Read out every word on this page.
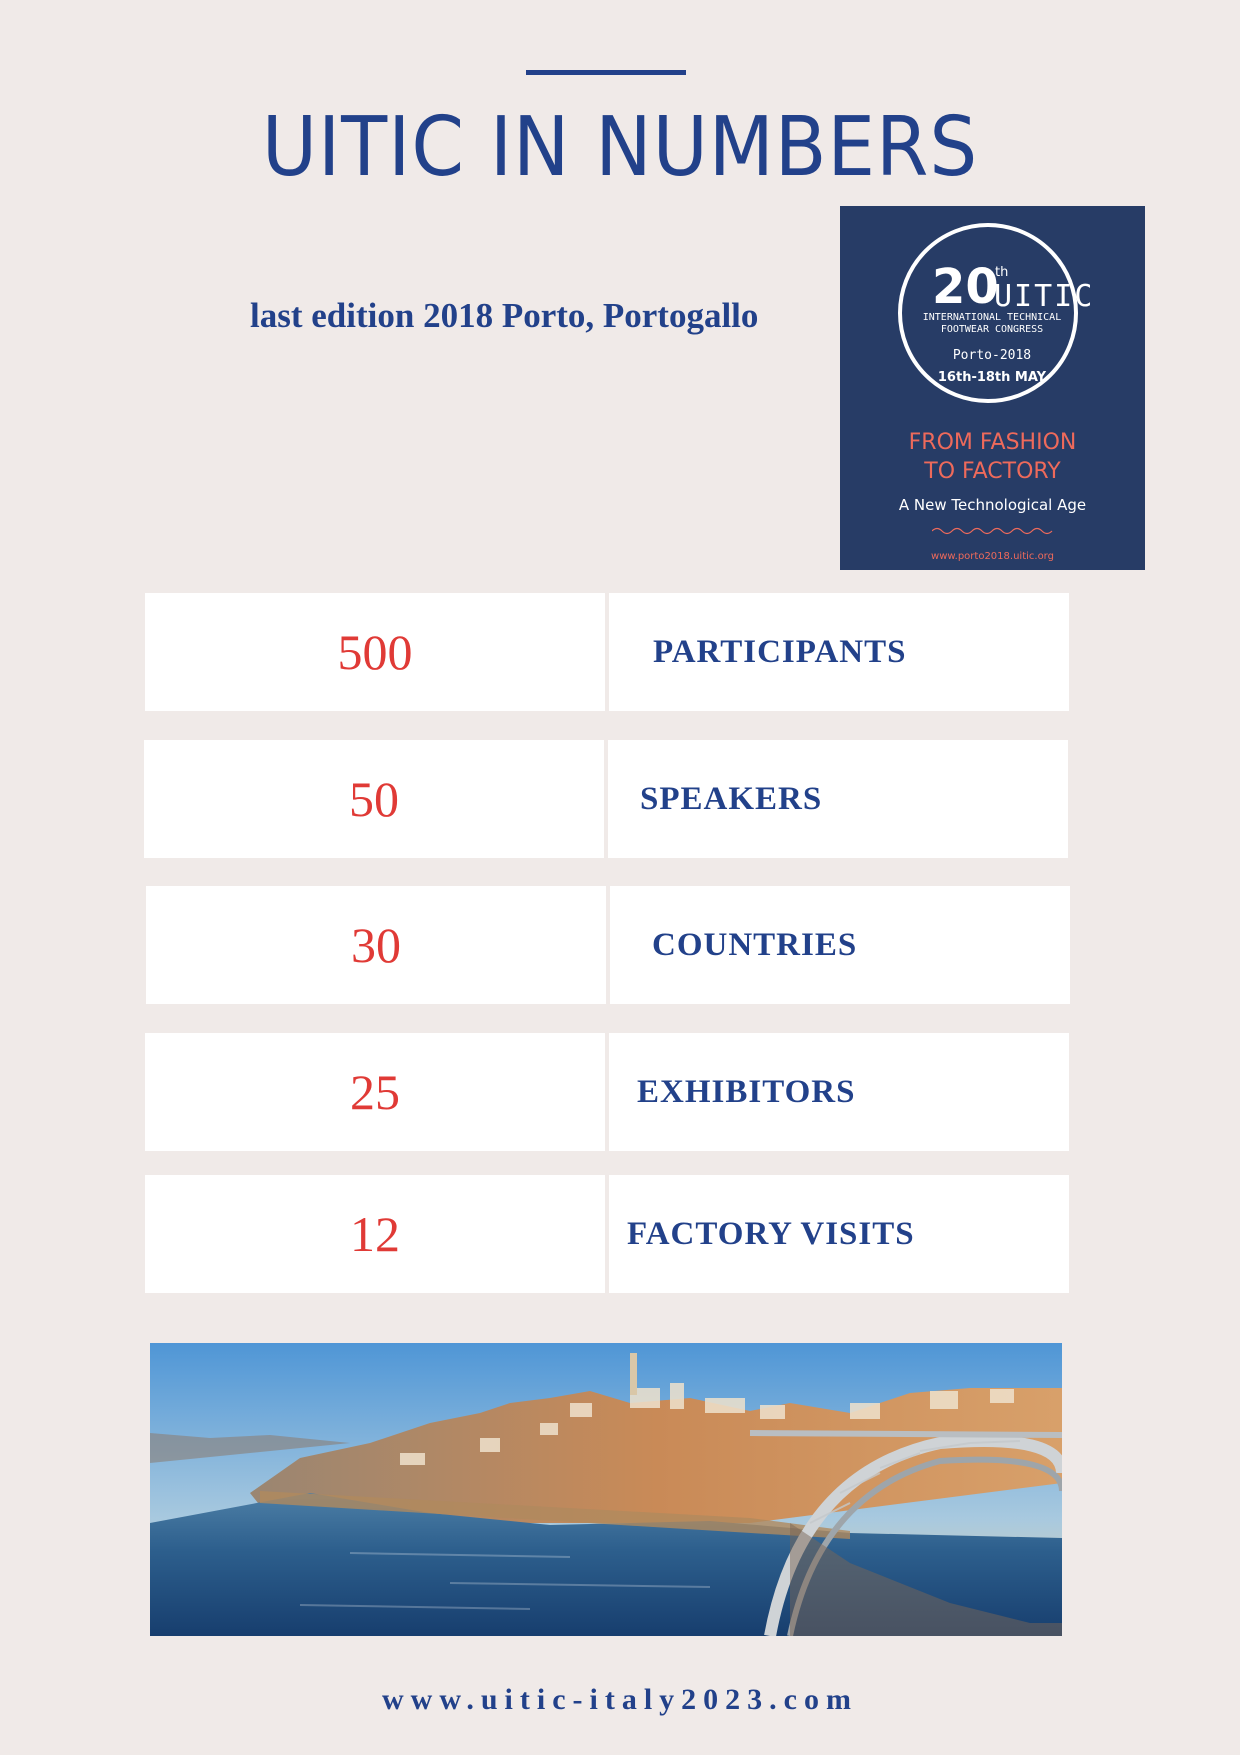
UITIC IN NUMBERS
last edition 2018 Porto, Portogallo
20
th
UITIC
INTERNATIONAL TECHNICAL
FOOTWEAR CONGRESS
Porto-2018
16th-18th MAY
FROM FASHION
TO FACTORY
A New Technological Age
www.porto2018.uitic.org
500	PARTICIPANTS
50	SPEAKERS
30	COUNTRIES
25	EXHIBITORS
12	FACTORY VISITS
www.uitic-italy2023.com
